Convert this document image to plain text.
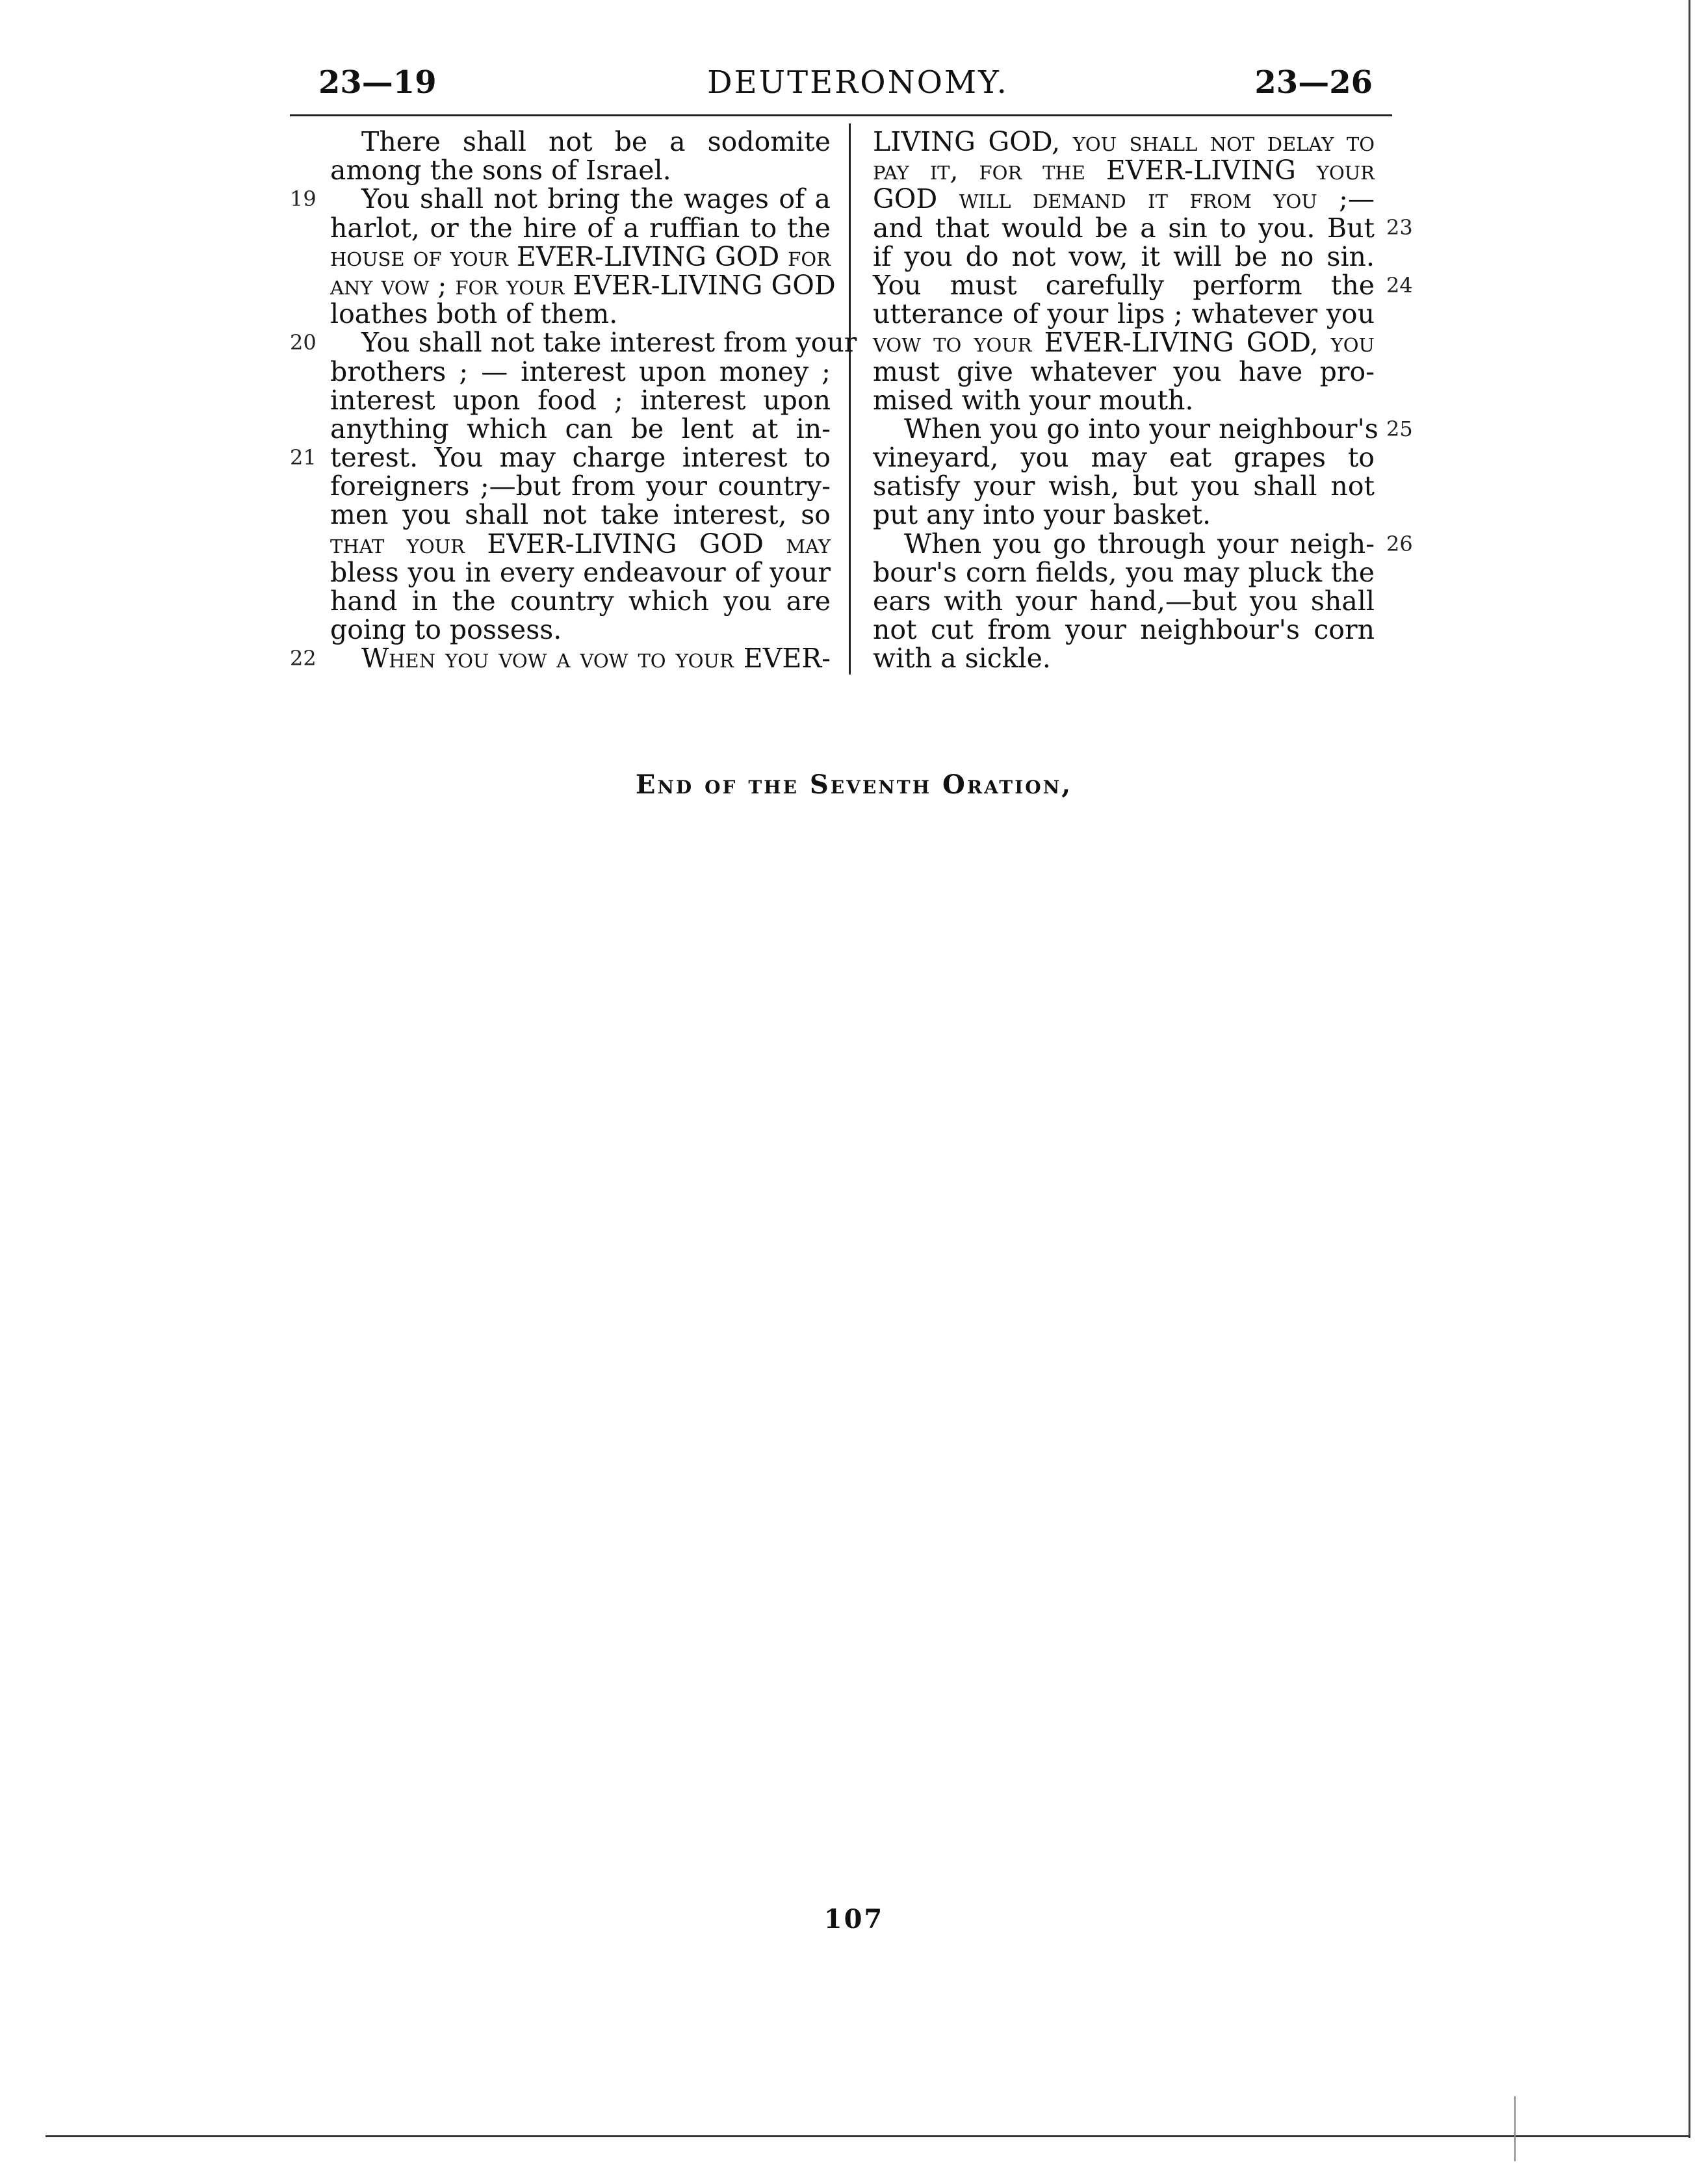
23—19	DEUTERONOMY.	23—26
There shall not be a sodomite
among the sons of Israel.
You shall not bring the wages of a
harlot, or the hire of a ruffian to the
house of your EVER-LIVING GOD for
any vow ; for your EVER-LIVING GOD
loathes both of them.
You shall not take interest from your
brothers ; — interest upon money ;
interest upon food ; interest upon
anything which can be lent at in-
terest. You may charge interest to
foreigners ;—but from your country-
men you shall not take interest, so
that your EVER-LIVING GOD may
bless you in every endeavour of your
hand in the country which you are
going to possess.
When you vow a vow to your EVER-
LIVING GOD, you shall not delay to
pay it, for the EVER-LIVING your
GOD will demand it from you ;—
and that would be a sin to you. But
if you do not vow, it will be no sin.
You must carefully perform the
utterance of your lips ; whatever you
vow to your EVER-LIVING GOD, you
must give whatever you have pro-
mised with your mouth.
When you go into your neighbour's
vineyard, you may eat grapes to
satisfy your wish, but you shall not
put any into your basket.
When you go through your neigh-
bour's corn fields, you may pluck the
ears with your hand,—but you shall
not cut from your neighbour's corn
with a sickle.
19
20
21
22
23
24
25
26
End of the Seventh Oration,
107
